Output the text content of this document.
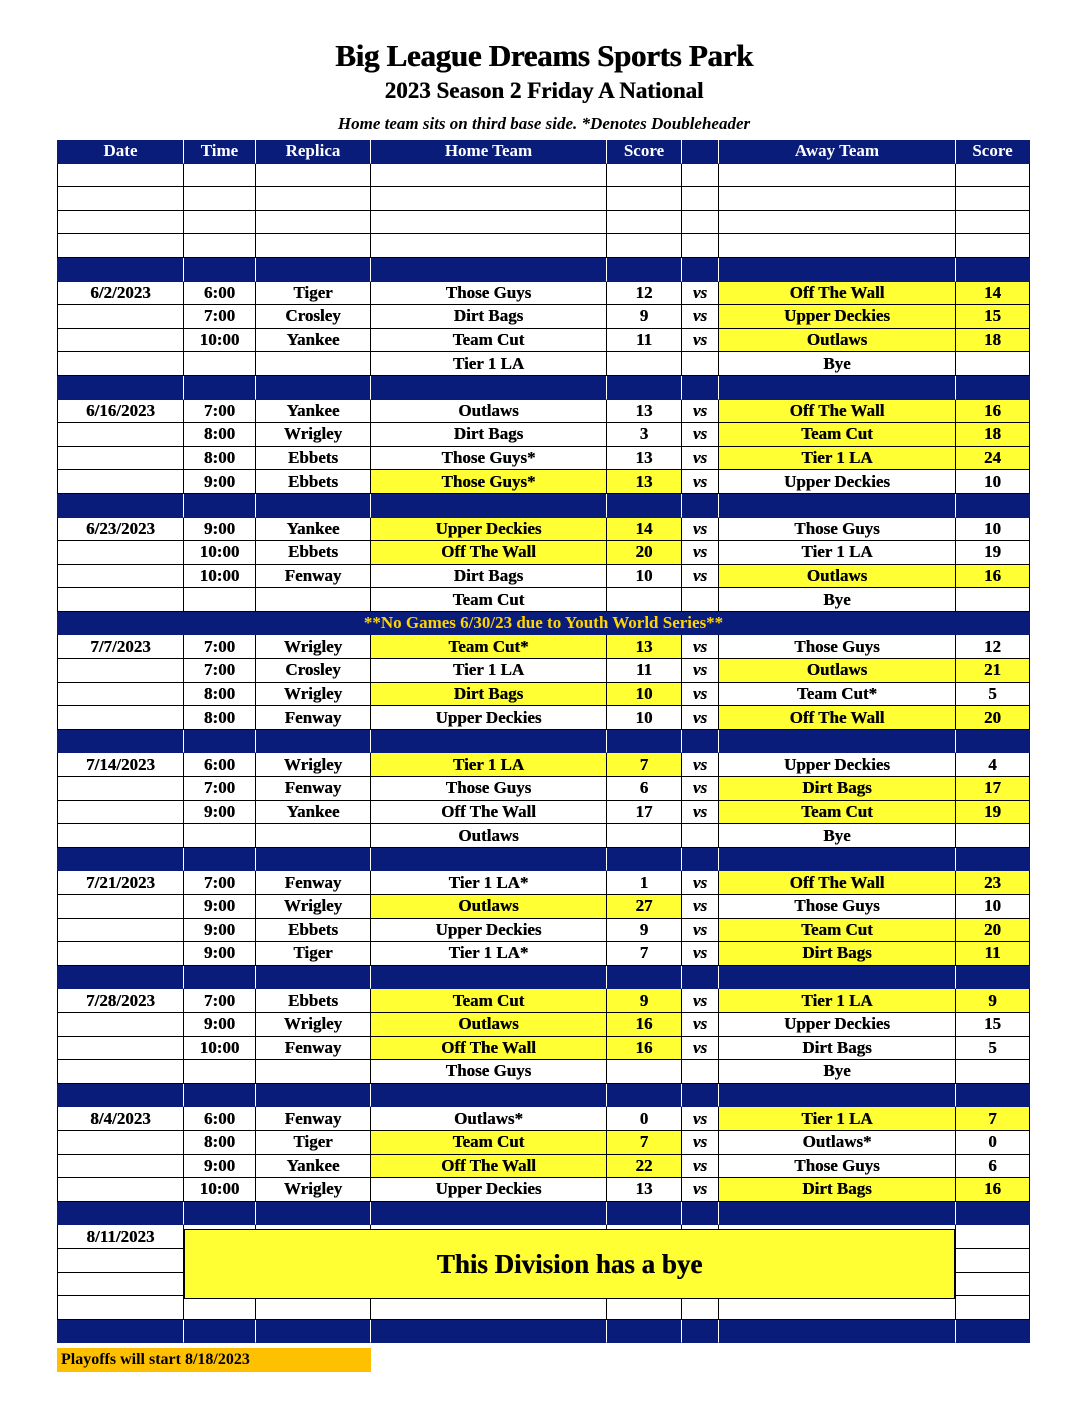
Big League Dreams Sports Park
2023 Season 2 Friday A National
Home team sits on third base side. *Denotes Doubleheader
Date	Time	Replica	Home Team	Score	Away Team	Score
6/2/2023	6:00	Tiger	Those Guys	12	vs	Off The Wall	14
7:00	Crosley	Dirt Bags	9	vs	Upper Deckies	15
10:00	Yankee	Team Cut	11	vs	Outlaws	18
Tier 1 LA	Bye
6/16/2023	7:00	Yankee	Outlaws	13	vs	Off The Wall	16
8:00	Wrigley	Dirt Bags	3	vs	Team Cut	18
8:00	Ebbets	Those Guys*	13	vs	Tier 1 LA	24
9:00	Ebbets	Those Guys*	13	vs	Upper Deckies	10
6/23/2023	9:00	Yankee	Upper Deckies	14	vs	Those Guys	10
10:00	Ebbets	Off The Wall	20	vs	Tier 1 LA	19
10:00	Fenway	Dirt Bags	10	vs	Outlaws	16
Team Cut	Bye
**No Games 6/30/23 due to Youth World Series**
7/7/2023	7:00	Wrigley	Team Cut*	13	vs	Those Guys	12
7:00	Crosley	Tier 1 LA	11	vs	Outlaws	21
8:00	Wrigley	Dirt Bags	10	vs	Team Cut*	5
8:00	Fenway	Upper Deckies	10	vs	Off The Wall	20
7/14/2023	6:00	Wrigley	Tier 1 LA	7	vs	Upper Deckies	4
7:00	Fenway	Those Guys	6	vs	Dirt Bags	17
9:00	Yankee	Off The Wall	17	vs	Team Cut	19
Outlaws	Bye
7/21/2023	7:00	Fenway	Tier 1 LA*	1	vs	Off The Wall	23
9:00	Wrigley	Outlaws	27	vs	Those Guys	10
9:00	Ebbets	Upper Deckies	9	vs	Team Cut	20
9:00	Tiger	Tier 1 LA*	7	vs	Dirt Bags	11
7/28/2023	7:00	Ebbets	Team Cut	9	vs	Tier 1 LA	9
9:00	Wrigley	Outlaws	16	vs	Upper Deckies	15
10:00	Fenway	Off The Wall	16	vs	Dirt Bags	5
Those Guys	Bye
8/4/2023	6:00	Fenway	Outlaws*	0	vs	Tier 1 LA	7
8:00	Tiger	Team Cut	7	vs	Outlaws*	0
9:00	Yankee	Off The Wall	22	vs	Those Guys	6
10:00	Wrigley	Upper Deckies	13	vs	Dirt Bags	16
8/11/2023
This Division has a bye
Playoffs will start 8/18/2023
